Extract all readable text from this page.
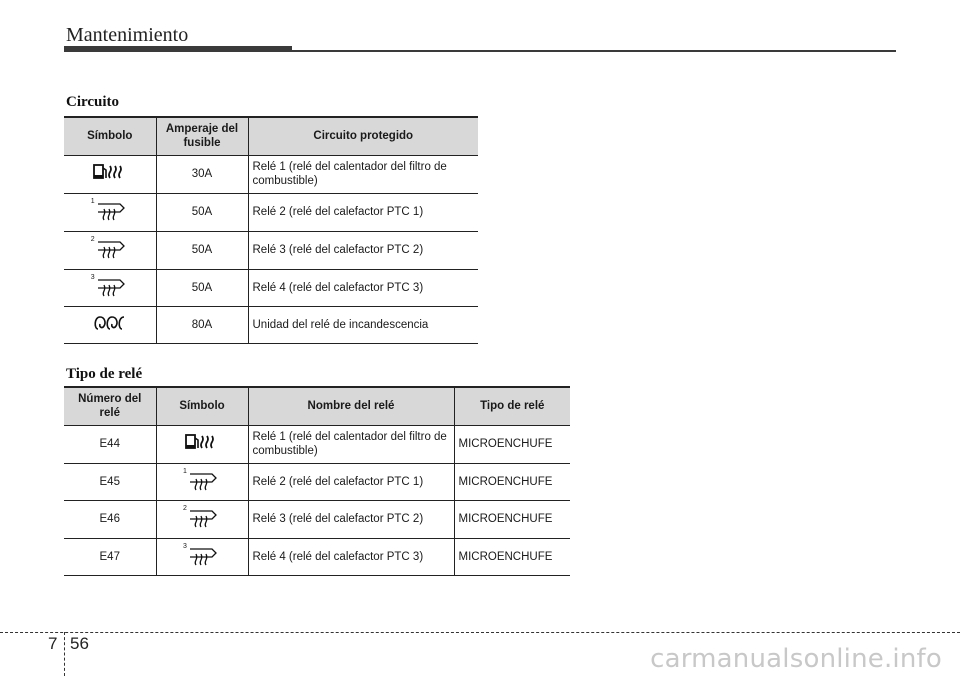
Mantenimiento
Circuito
Símbolo	Amperaje del fusible	Circuito protegido
	30A	Relé 1 (relé del calentador del filtro de combustible)

1	50A	Relé 2 (relé del calefactor PTC 1)

2	50A	Relé 3 (relé del calefactor PTC 2)

3	50A	Relé 4 (relé del calefactor PTC 3)
	80A	Unidad del relé de incandescencia
Tipo de relé
Número del relé	Símbolo	Nombre del relé	Tipo de relé
E44		Relé 1 (relé del calentador del filtro de combustible)	MICROENCHUFE
E45	1	Relé 2 (relé del calefactor PTC 1)	MICROENCHUFE
E46	2	Relé 3 (relé del calefactor PTC 2)	MICROENCHUFE
E47	3	Relé 4 (relé del calefactor PTC 3)	MICROENCHUFE
7 56
carmanualsonline.info
